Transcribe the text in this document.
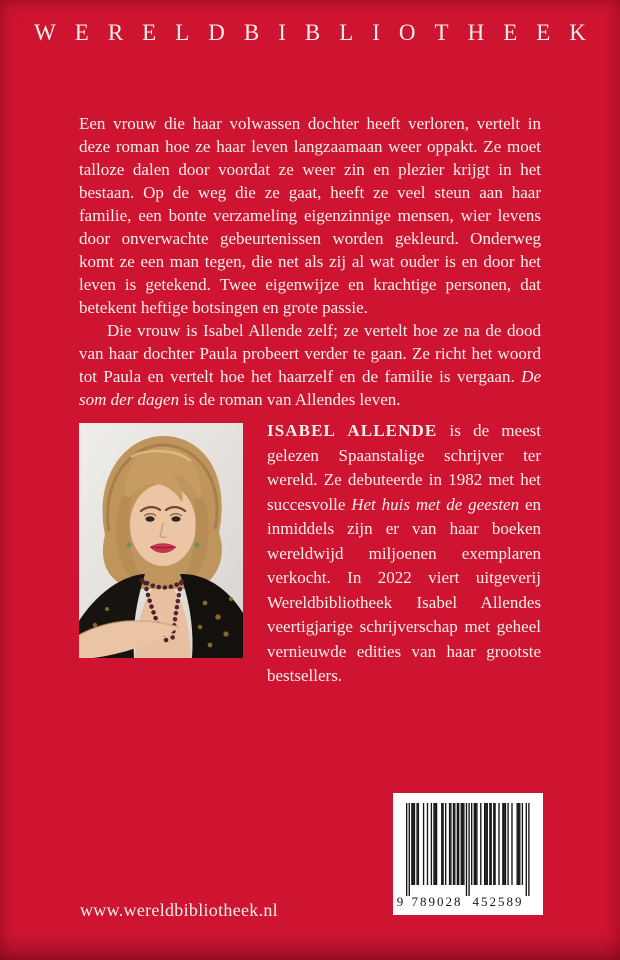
WERELDBIBLIOTHEEK

Een vrouw die haar volwassen dochter heeft verloren, vertelt in deze roman hoe ze haar leven langzaamaan weer oppakt. Ze moet talloze dalen door voordat ze weer zin en plezier krijgt in het bestaan. Op de weg die ze gaat, heeft ze veel steun aan haar familie, een bonte verzameling eigenzinnige mensen, wier levens door onverwachte gebeurtenissen worden gekleurd. Onderweg komt ze een man tegen, die net als zij al wat ouder is en door het leven is getekend. Twee eigenwijze en krachtige personen, dat betekent heftige botsingen en grote passie.

Die vrouw is Isabel Allende zelf; ze vertelt hoe ze na de dood van haar dochter Paula probeert verder te gaan. Ze richt het woord tot Paula en vertelt hoe het haarzelf en de familie is vergaan. De som der dagen is de roman van Allendes leven.

ISABEL ALLENDE is de meest gelezen Spaanstalige schrijver ter wereld. Ze debuteerde in 1982 met het succesvolle Het huis met de geesten en inmiddels zijn er van haar boeken wereldwijd miljoenen exemplaren verkocht. In 2022 viert uitgeverij Wereldbibliotheek Isabel Allendes veertigjarige schrijverschap met geheel vernieuwde edities van haar grootste bestsellers.

www.wereldbibliotheek.nl	9 789028 452589
